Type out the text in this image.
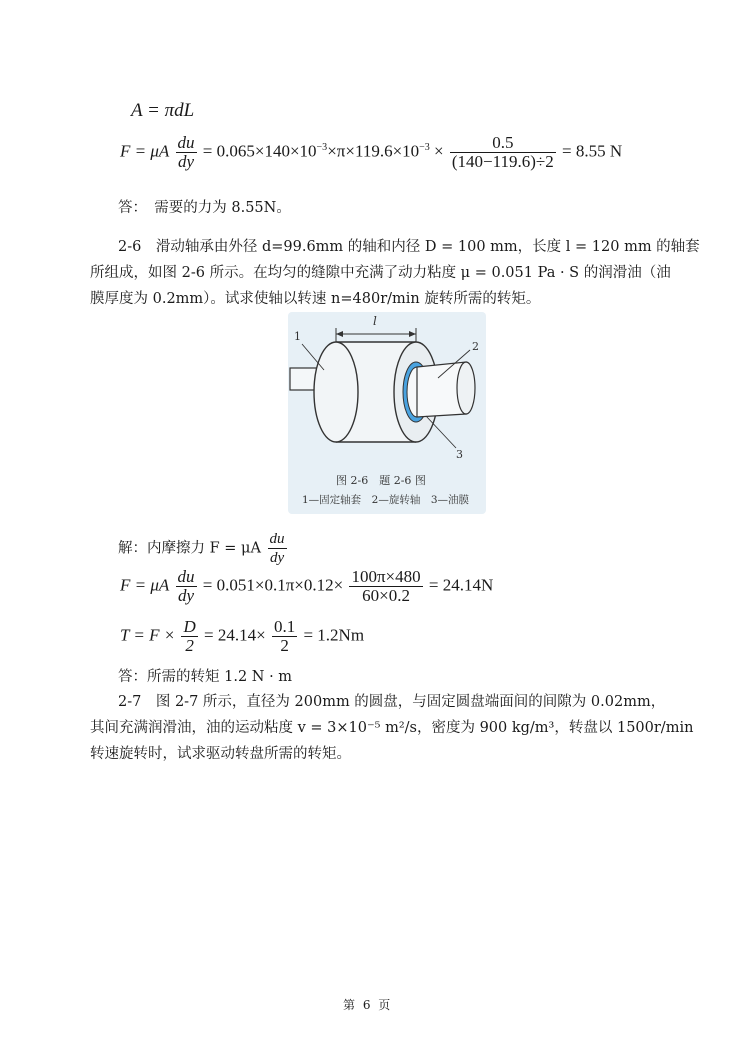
A = πdL
F = μA $\frac{du}{dy} = 0.065\times 140\times 10^{-3}\times\pi\times 119.6\times 10^{-3} \times \frac{0.5}{(140-119.6)\div 2} = 8.55$ N
答：　需要的力为 8.55N。
2-6　滑动轴承由外径 d=99.6mm 的轴和内径 D = 100 mm，长度 l = 120 mm 的轴套
所组成，如图 2-6 所示。在均匀的缝隙中充满了动力粘度 μ = 0.051 Pa · S 的润滑油（油
膜厚度为 0.2mm）。试求使轴以转速 n=480r/min 旋转所需的转矩。
l
1
2
3
图 2-6　题 2-6 图
1—固定轴套　2—旋转轴　3—油膜
解：内摩擦力 F = μA $\frac{du}{dy}$
F = μA $\frac{du}{dy} = 0.051\times 0.1\pi\times 0.12\times \frac{100\pi\times 480}{60\times 0.2} = 24.14N$
$T = F \times \frac{D}{2} = 24.14\times \frac{0.1}{2} = 1.2Nm$
答：所需的转矩 1.2 N · m
2-7　图 2-7 所示，直径为 200mm 的圆盘，与固定圆盘端面间的间隙为 0.02mm，
其间充满润滑油，油的运动粘度 v = 3×10⁻⁵ m²/s，密度为 900 kg/m³，转盘以 1500r/min
转速旋转时，试求驱动转盘所需的转矩。
第 6 页
